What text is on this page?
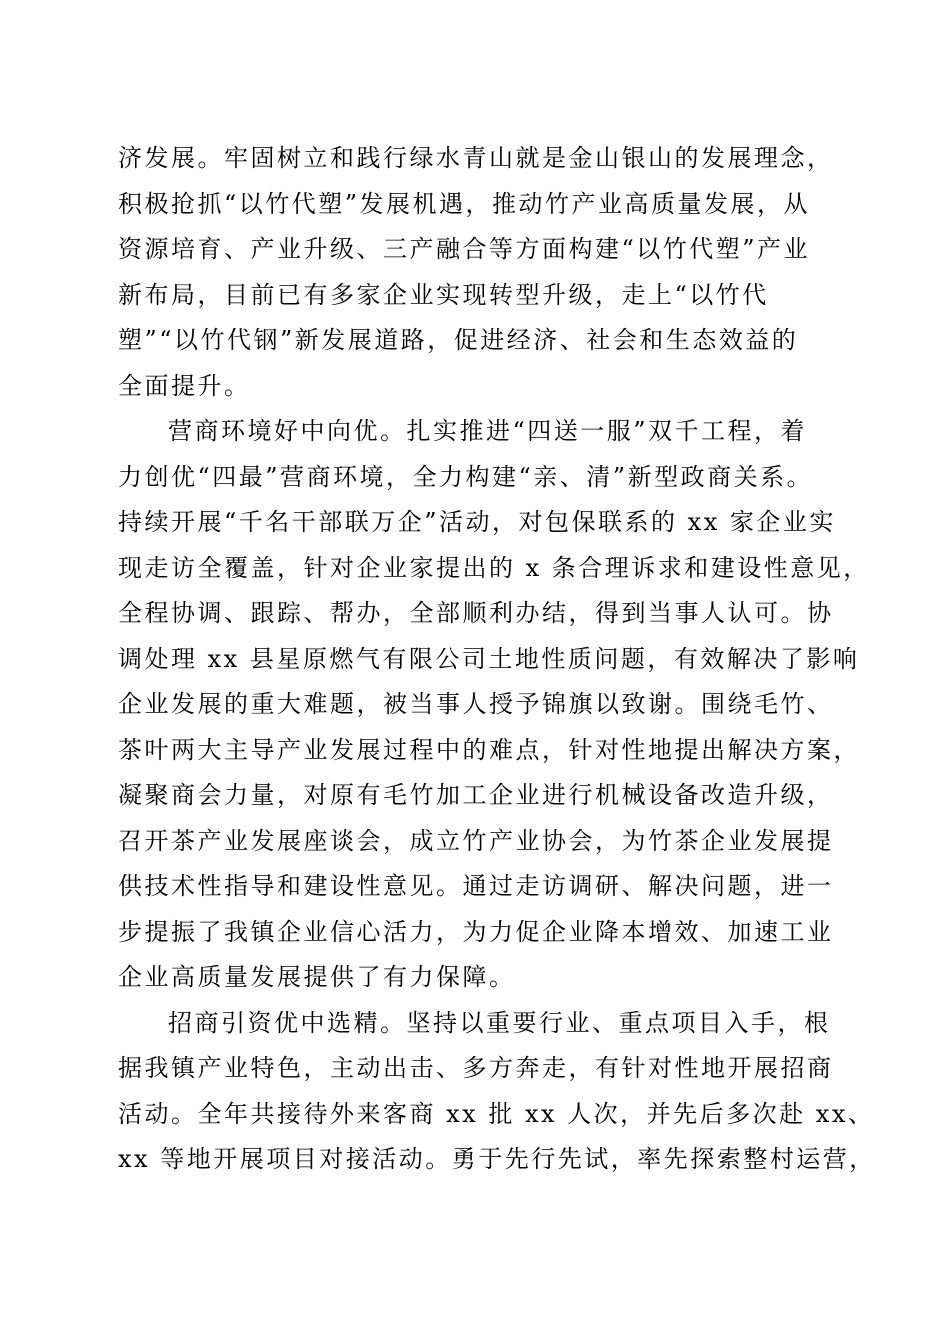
济发展。牢固树立和践行绿水青山就是金山银山的发展理念，
积极抢抓“以竹代塑”发展机遇，推动竹产业高质量发展，从
资源培育、产业升级、三产融合等方面构建“以竹代塑”产业
新布局，目前已有多家企业实现转型升级，走上“以竹代
塑”“以竹代钢”新发展道路，促进经济、社会和生态效益的
全面提升。
营商环境好中向优。扎实推进“四送一服”双千工程，着
力创优“四最”营商环境，全力构建“亲、清”新型政商关系。
持续开展“千名干部联万企”活动，对包保联系的 xx 家企业实
现走访全覆盖，针对企业家提出的 x 条合理诉求和建设性意见，
全程协调、跟踪、帮办，全部顺利办结，得到当事人认可。协
调处理 xx 县星原燃气有限公司土地性质问题，有效解决了影响
企业发展的重大难题，被当事人授予锦旗以致谢。围绕毛竹、
茶叶两大主导产业发展过程中的难点，针对性地提出解决方案，
凝聚商会力量，对原有毛竹加工企业进行机械设备改造升级，
召开茶产业发展座谈会，成立竹产业协会，为竹茶企业发展提
供技术性指导和建设性意见。通过走访调研、解决问题，进一
步提振了我镇企业信心活力，为力促企业降本增效、加速工业
企业高质量发展提供了有力保障。
招商引资优中选精。坚持以重要行业、重点项目入手，根
据我镇产业特色，主动出击、多方奔走，有针对性地开展招商
活动。全年共接待外来客商 xx 批 xx 人次，并先后多次赴 xx、
xx 等地开展项目对接活动。勇于先行先试，率先探索整村运营，
